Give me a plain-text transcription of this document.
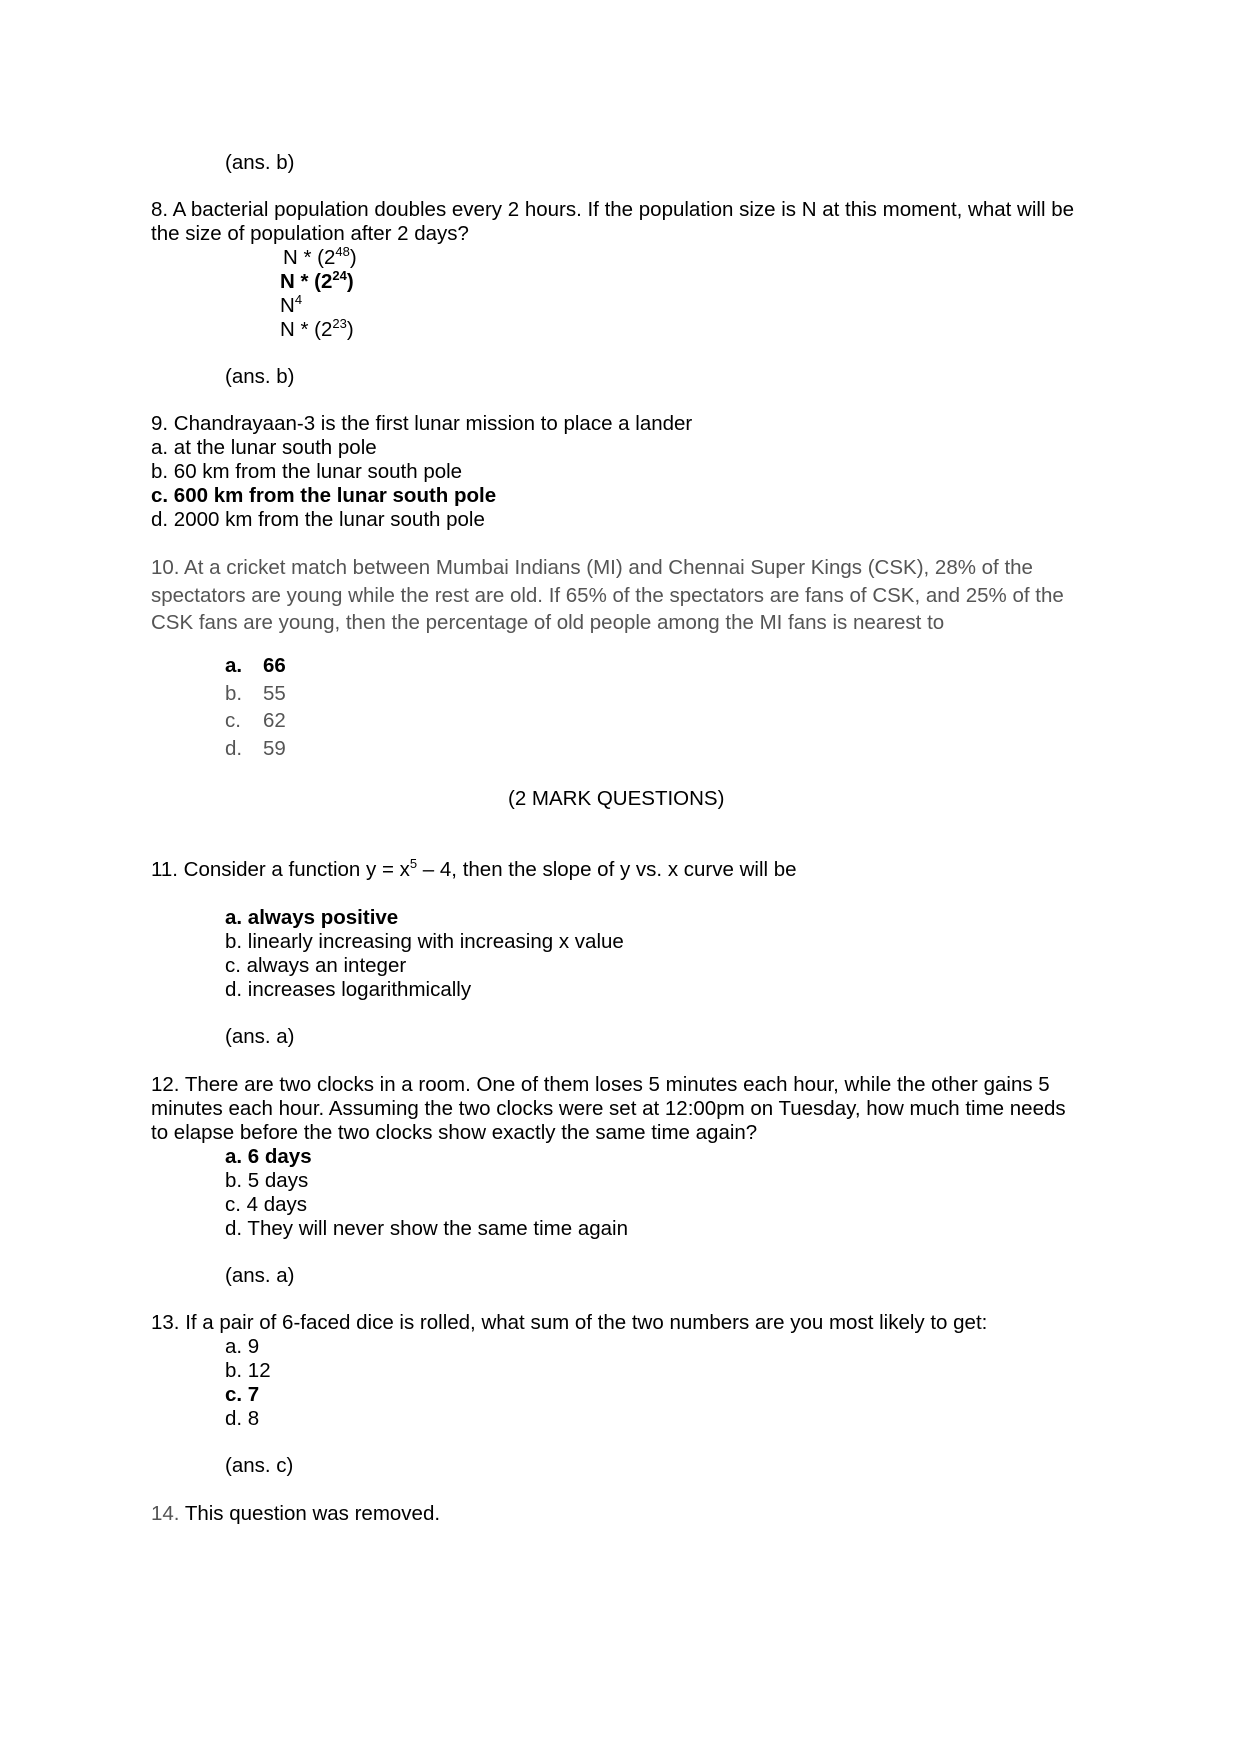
(ans. b)
8. A bacterial population doubles every 2 hours. If the population size is N at this moment, what will be
the size of population after 2 days?
N * $(2^{48})$
N * $(2^{24})$
$N^4$
N * $(2^{23})$
(ans. b)
9. Chandrayaan-3 is the first lunar mission to place a lander
a. at the lunar south pole
b. 60 km from the lunar south pole
c. 600 km from the lunar south pole
d. 2000 km from the lunar south pole
10. At a cricket match between Mumbai Indians (MI) and Chennai Super Kings (CSK), 28% of the
spectators are young while the rest are old. If 65% of the spectators are fans of CSK, and 25% of the
CSK fans are young, then the percentage of old people among the MI fans is nearest to
a. 66
b. 55
c. 62
d. 59
(2 MARK QUESTIONS)
11. Consider a function $y = x^5 - 4$, then the slope of y vs. x curve will be
a. always positive
b. linearly increasing with increasing x value
c. always an integer
d. increases logarithmically
(ans. a)
12. There are two clocks in a room. One of them loses 5 minutes each hour, while the other gains 5
minutes each hour. Assuming the two clocks were set at 12:00pm on Tuesday, how much time needs
to elapse before the two clocks show exactly the same time again?
a. 6 days
b. 5 days
c. 4 days
d. They will never show the same time again
(ans. a)
13. If a pair of 6-faced dice is rolled, what sum of the two numbers are you most likely to get:
a. 9
b. 12
c. 7
d. 8
(ans. c)
14. This question was removed.
